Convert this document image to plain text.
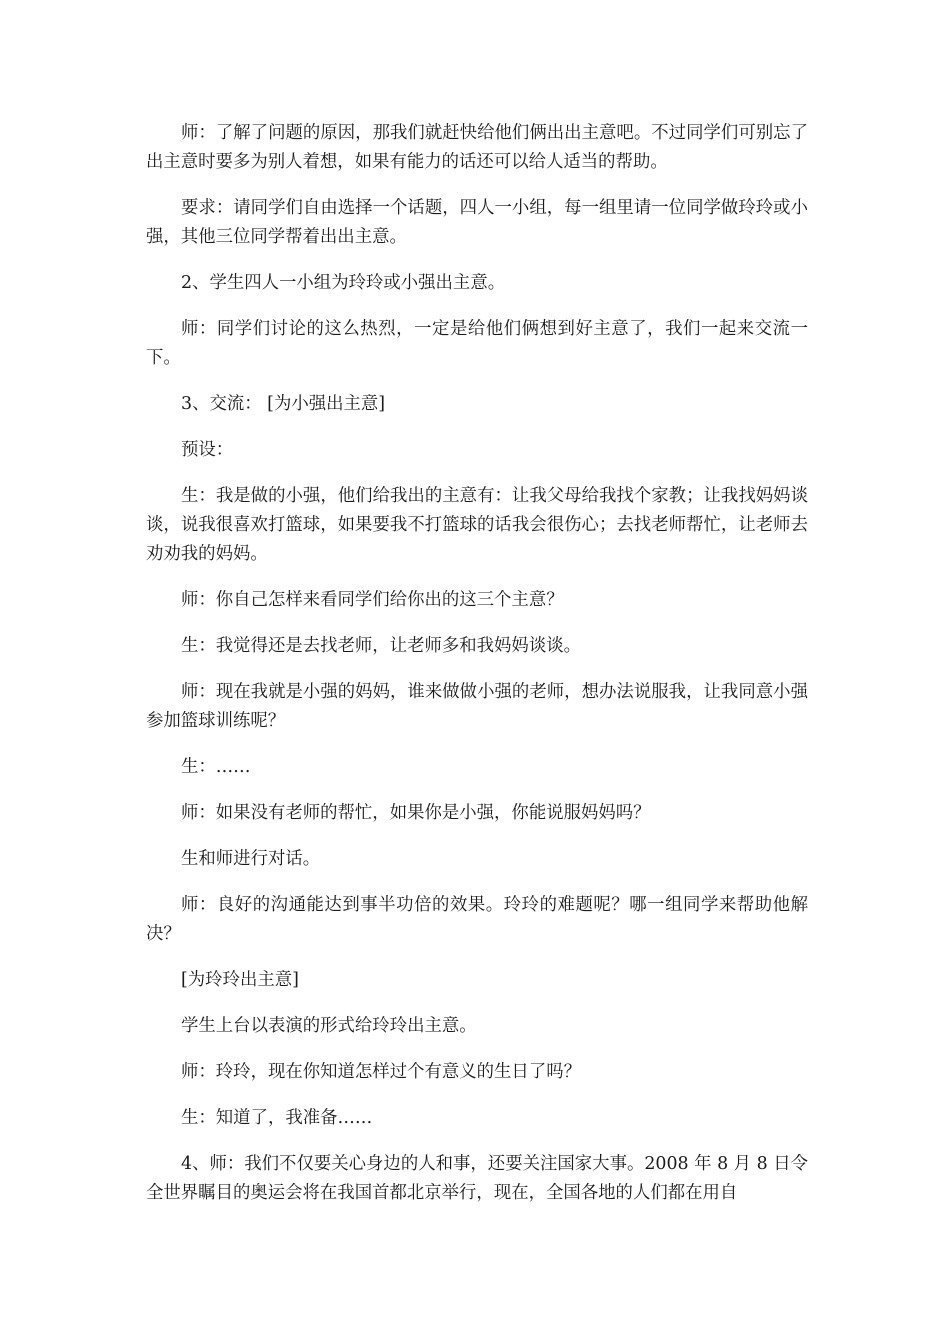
师：了解了问题的原因，那我们就赶快给他们俩出出主意吧。不过同学们可别忘了出主意时要多为别人着想，如果有能力的话还可以给人适当的帮助。

要求：请同学们自由选择一个话题，四人一小组，每一组里请一位同学做玲玲或小强，其他三位同学帮着出出主意。

2、学生四人一小组为玲玲或小强出主意。

师：同学们讨论的这么热烈，一定是给他们俩想到好主意了，我们一起来交流一下。

3、交流： [为小强出主意]

预设：

生：我是做的小强，他们给我出的主意有：让我父母给我找个家教；让我找妈妈谈谈，说我很喜欢打篮球，如果要我不打篮球的话我会很伤心；去找老师帮忙，让老师去劝劝我的妈妈。

师：你自己怎样来看同学们给你出的这三个主意？

生：我觉得还是去找老师，让老师多和我妈妈谈谈。

师：现在我就是小强的妈妈，谁来做做小强的老师，想办法说服我，让我同意小强参加篮球训练呢？

生：……

师：如果没有老师的帮忙，如果你是小强，你能说服妈妈吗？

生和师进行对话。

师：良好的沟通能达到事半功倍的效果。玲玲的难题呢？哪一组同学来帮助他解决？

[为玲玲出主意]

学生上台以表演的形式给玲玲出主意。

师：玲玲，现在你知道怎样过个有意义的生日了吗？

生：知道了，我准备……

4、师：我们不仅要关心身边的人和事，还要关注国家大事。2008 年 8 月 8 日令全世界瞩目的奥运会将在我国首都北京举行，现在，全国各地的人们都在用自
